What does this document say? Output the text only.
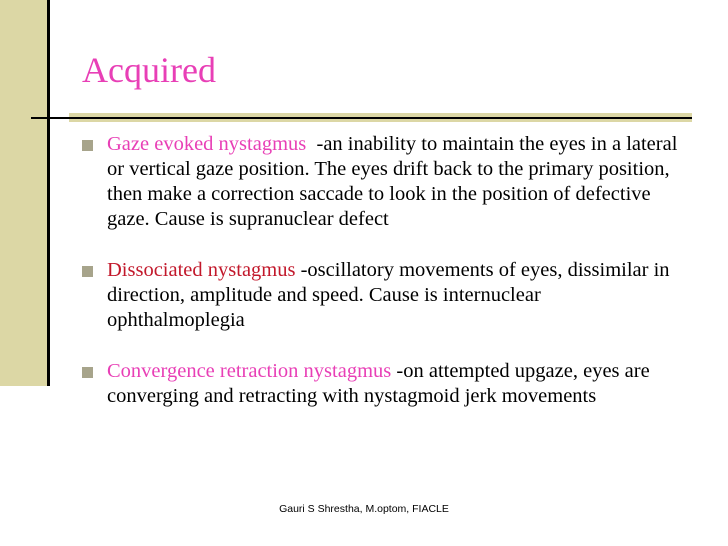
Acquired
Gaze evoked nystagmus -an inability to maintain the eyes in a lateral or vertical gaze position. The eyes drift back to the primary position, then make a correction saccade to look in the position of defective gaze. Cause is supranuclear defect
Dissociated nystagmus -oscillatory movements of eyes, dissimilar in direction, amplitude and speed. Cause is internuclear ophthalmoplegia
Convergence retraction nystagmus -on attempted upgaze, eyes are converging and retracting with nystagmoid jerk movements
Gauri S Shrestha, M.optom, FIACLE
